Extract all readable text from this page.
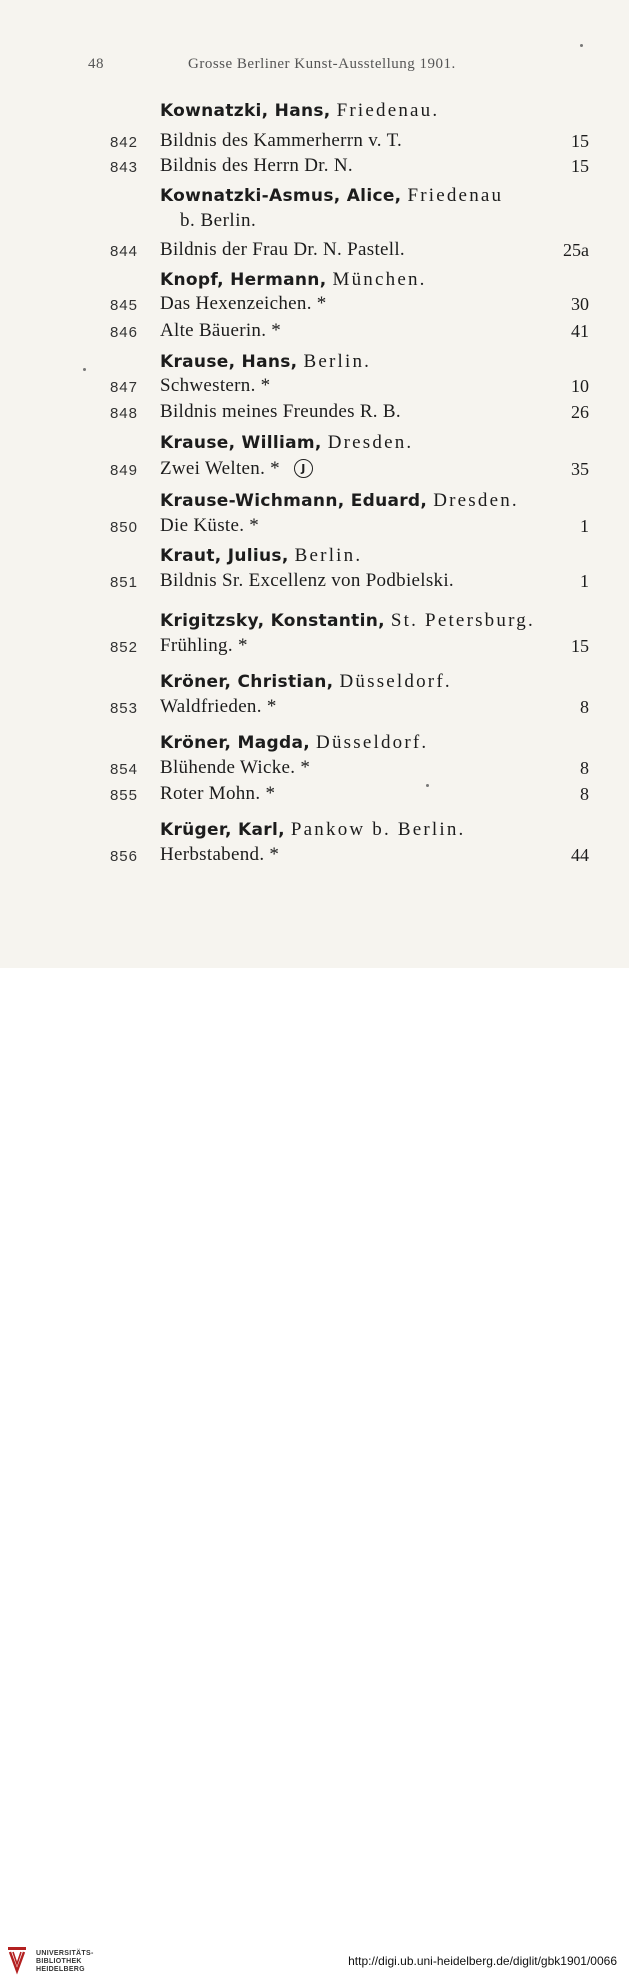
48	Grosse Berliner Kunst-Ausstellung 1901.
Kownatzki, Hans, Friedenau.
842 Bildnis des Kammerherrn v. T.	15
843 Bildnis des Herrn Dr. N.	15
Kownatzki-Asmus, Alice, Friedenau
b. Berlin.
844 Bildnis der Frau Dr. N. Pastell.	25a
Knopf, Hermann, München.
845 Das Hexenzeichen. *	30
846 Alte Bäuerin. *	41
Krause, Hans, Berlin.
847 Schwestern. *	10
848 Bildnis meines Freundes R. B.	26
Krause, William, Dresden.
849 Zwei Welten. * J	35
Krause-Wichmann, Eduard, Dresden.
850 Die Küste. *	1
Kraut, Julius, Berlin.
851 Bildnis Sr. Excellenz von Podbielski.	1
Krigitzsky, Konstantin, St. Petersburg.
852 Frühling. *	15
Kröner, Christian, Düsseldorf.
853 Waldfrieden. *	8
Kröner, Magda, Düsseldorf.
854 Blühende Wicke. *	8
855 Roter Mohn. *	8
Krüger, Karl, Pankow b. Berlin.
856 Herbstabend. *	44
UNIVERSITÄTS-
BIBLIOTHEK
HEIDELBERG
http://digi.ub.uni-heidelberg.de/diglit/gbk1901/0066
